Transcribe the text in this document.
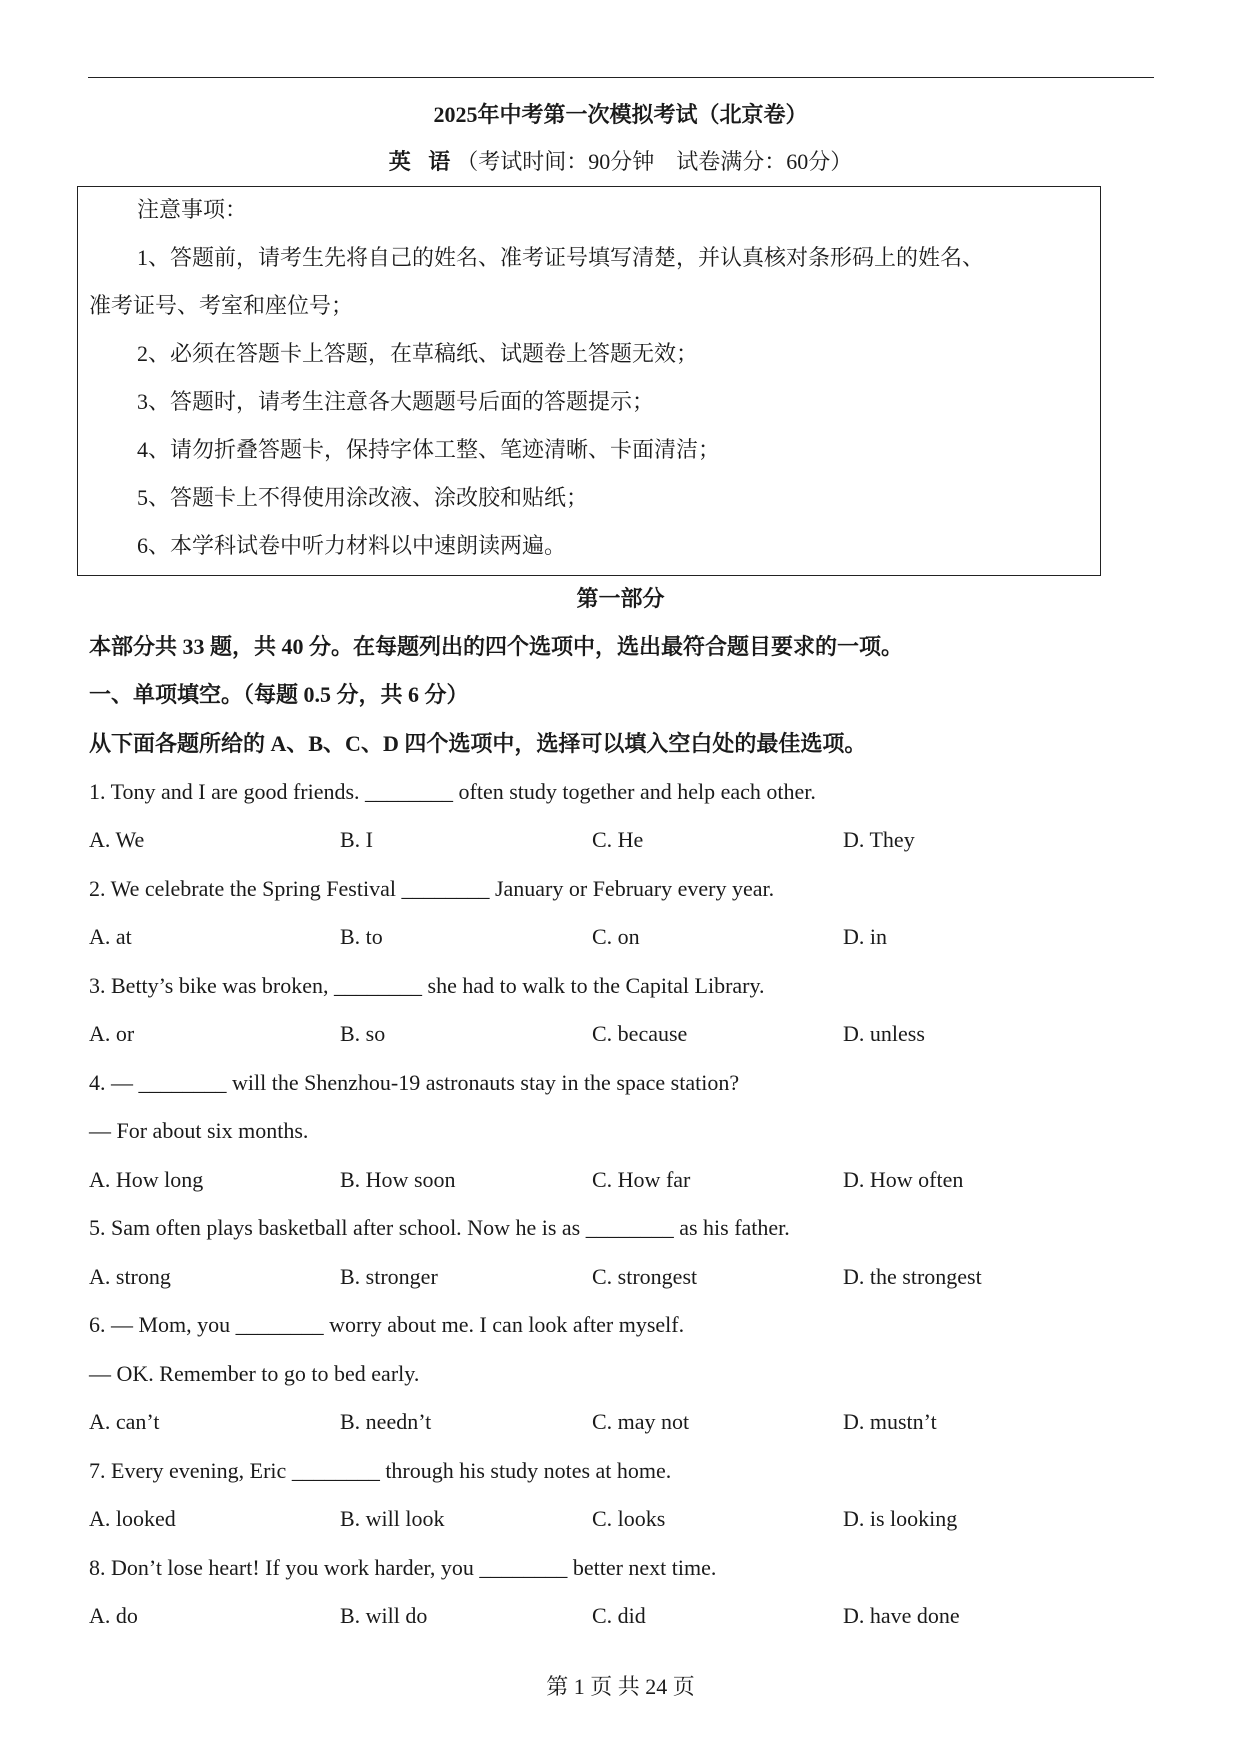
2025年中考第一次模拟考试（北京卷）
英 语（考试时间：90分钟　试卷满分：60分）
注意事项：
1、答题前，请考生先将自己的姓名、准考证号填写清楚，并认真核对条形码上的姓名、
准考证号、考室和座位号；
2、必须在答题卡上答题，在草稿纸、试题卷上答题无效；
3、答题时，请考生注意各大题题号后面的答题提示；
4、请勿折叠答题卡，保持字体工整、笔迹清晰、卡面清洁；
5、答题卡上不得使用涂改液、涂改胶和贴纸；
6、本学科试卷中听力材料以中速朗读两遍。
第一部分
本部分共 33 题，共 40 分。在每题列出的四个选项中，选出最符合题目要求的一项。
一、单项填空。（每题 0.5 分，共 6 分）
从下面各题所给的 A、B、C、D 四个选项中，选择可以填入空白处的最佳选项。
1. Tony and I are good friends. ________ often study together and help each other.
A. We	B. I	C. He	D. They
2. We celebrate the Spring Festival ________ January or February every year.
A. at	B. to	C. on	D. in
3. Betty’s bike was broken, ________ she had to walk to the Capital Library.
A. or	B. so	C. because	D. unless
4. — ________ will the Shenzhou-19 astronauts stay in the space station?
— For about six months.
A. How long	B. How soon	C. How far	D. How often
5. Sam often plays basketball after school. Now he is as ________ as his father.
A. strong	B. stronger	C. strongest	D. the strongest
6. — Mom, you ________ worry about me. I can look after myself.
— OK. Remember to go to bed early.
A. can’t	B. needn’t	C. may not	D. mustn’t
7. Every evening, Eric ________ through his study notes at home.
A. looked	B. will look	C. looks	D. is looking
8. Don’t lose heart! If you work harder, you ________ better next time.
A. do	B. will do	C. did	D. have done
第 1 页 共 24 页
